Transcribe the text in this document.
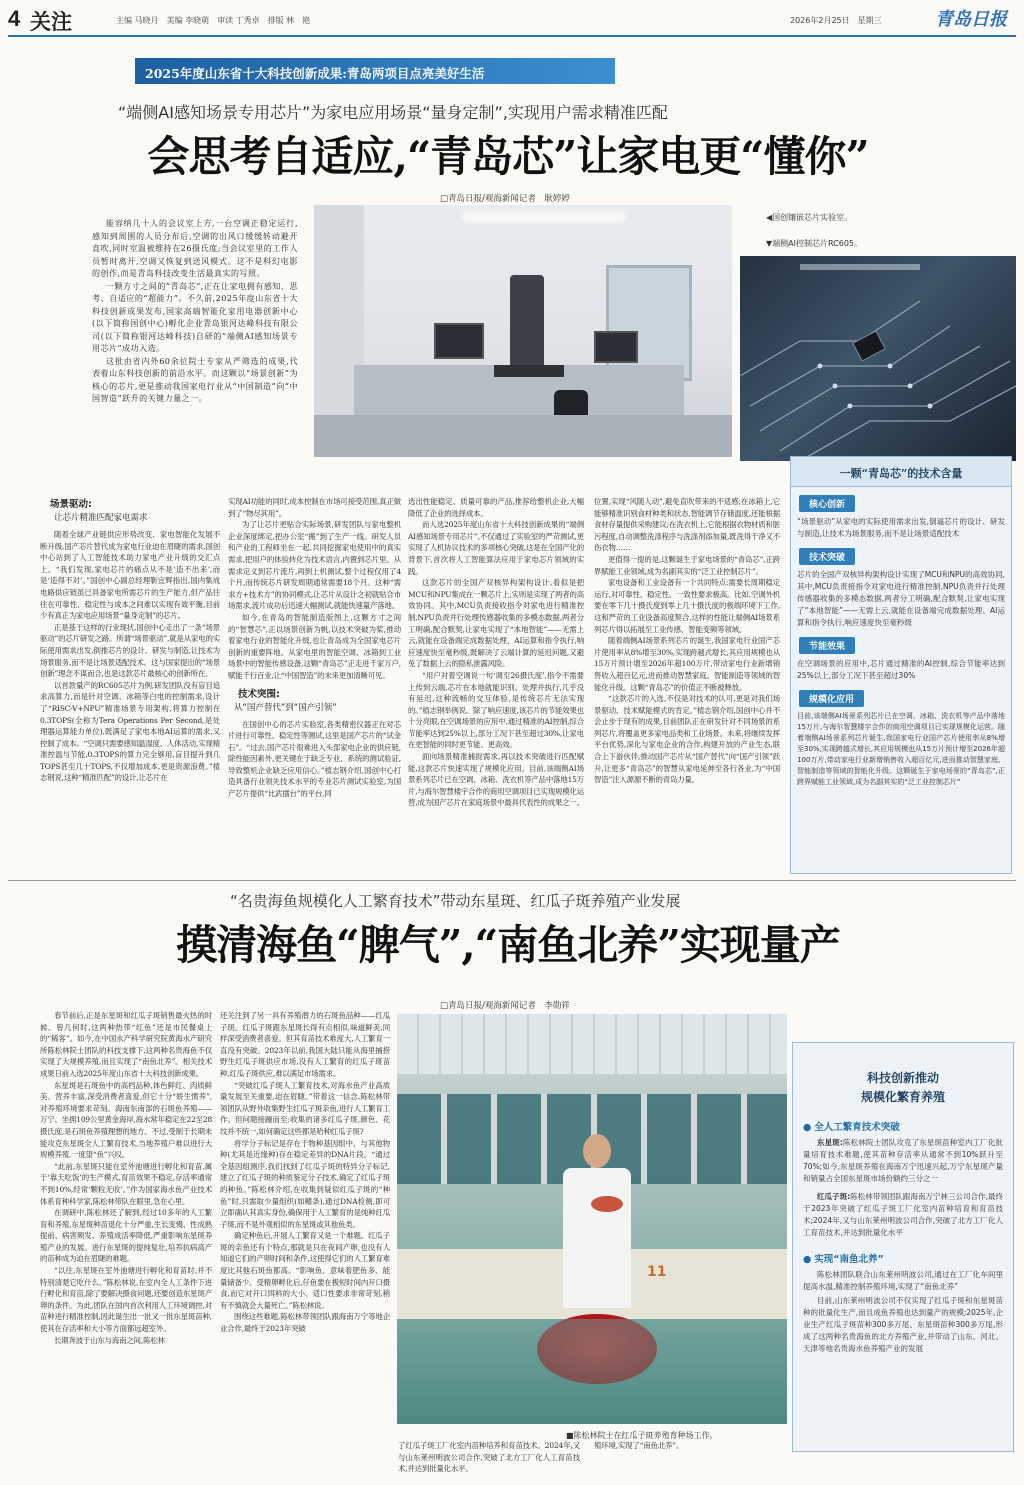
4 关注	主编 马晓月　美编 李晓萌　审读 丁秀卓　排版 林　艳	2026年2月25日　星期三	青岛日报
2025年度山东省十大科技创新成果:青岛两项目点亮美好生活
“端侧AI感知场景专用芯片”为家电应用场景“量身定制”,实现用户需求精准匹配
会思考自适应,“青岛芯”让家电更“懂你”
□青岛日报/观海新闻记者　耿婷婷

能容纳几十人的会议室上方,一台空调正稳定运行,感知到周围的人员分布后,空调的出风口缓缓转动避开直吹,同时室温被维持在26摄氏度;当会议室里的工作人员暂时离开,空调又恢复到送风模式。这不是科幻电影的创作,而是青岛科技改变生活最真实的写照。

一颗方寸之间的“青岛芯”,正在让家电拥有感知、思考、自适应的“超能力”。不久前,2025年度山东省十大科技创新成果发布,国家高端智能化家用电器创新中心(以下简称国创中心)孵化企业青岛银河达峰科技有限公司(以下简称银河达峰科技)自研的“端侧AI感知场景专用芯片”成功入选。

这批由省内外60余位院士专家从严筛选的成果,代表着山东科技创新的前沿水平。而这颗以“场景创新”为核心的芯片,更是推动我国家电行业从“中国制造”向“中国智造”跃升的关键力量之一。

◀国创镶嵌芯片实验室。
▼端侧AI控制芯片RC605。
一颗“青岛芯”的技术含量
核心创新

“场景驱动”从家电的实际使用需求出发,倒逼芯片的设计、研发与制造,让技术为场景服务,而不是让场景适配技术

技术突破

芯片的全国产双核异构架构设计实现了MCU和NPU的高效协同,其中,MCU负责接指令对家电进行精准控制,NPU负责并行处理传感器收集的多模态数据,两者分工明确,配合默契,让家电实现了“本地智能”——无需上云,就能在设备端完成数据处理、AI运算和指令执行,响应速度快至毫秒级

节能效果

在空调场景的应用中,芯片通过精准的AI控制,综合节能率达到25%以上,部分工况下甚至超过30%

规模化应用

目前,该端侧AI场景系列芯片已在空调、冰箱、洗衣机等产品中落地15万片,与海尔智慧楼宇合作的商用空调项目已实现规模化运营。随着端侧AI场景系列芯片诞生,我国家电行业国产芯片使用率从8%增至30%,实现跨越式增长,其应用规模也从15万片预计增至2026年超100万片,带动家电行业新增销售收入超百亿元,进而推动智慧家庭、智能制造等领域的智能化升级。这颗诞生于家电场景的“青岛芯”,正跨界赋能工业领域,成为名副其实的“泛工业控制芯片”

场景驱动:
让芯片精准匹配家电需求

随着全球产业链供应形势改变、家电智能化发展不断升级,国产芯片替代成为家电行业迫在眉睫的需求,国创中心站到了人工智能技术助力家电产业升级的交汇点上。“我们发现,家电芯片的痛点从不是‘造不出来’,而是‘造得不对’。”国创中心副总经理靳宜辉指出,国内集成电路供应链虽已具备家电所需芯片的生产能力,但产品往往在可靠性、稳定性与成本之间难以实现有效平衡,目前少有真正为家电应用场景“量身定制”的芯片。

正是基于这样的行业现状,国创中心走出了一条“场景驱动”的芯片研发之路。所谓“场景驱动”,就是从家电的实际使用需求出发,倒推芯片的设计、研发与制造,让技术为场景服务,而不是让场景适配技术。这与国家提出的“场景创新”理念不谋而合,也是这款芯片最核心的创新所在。

以首款量产的RC605芯片为例,研发团队没有盲目追求高算力,而是针对空调、冰箱等白电的控制需求,设计了“RISC-V+NPU”精准场景专用架构,将算力控制在0.3TOPS(全称为Tera Operations Per Second,是处理器运算能力单位),既满足了家电本地AI运算的需求,又控制了成本。“空调只需要感知温湿度、人体活动,实现精准控温与节能,0.3TOPS的算力完全够用,盲目提升到几TOPS甚至几十TOPS,不仅增加成本,更是资源浪费。”植志钢说,这种“精准匹配”的设计,让芯片在

实现AI功能的同时,成本控制在市场可接受范围,真正做到了“物尽其用”。

为了让芯片更贴合实际场景,研发团队与家电整机企业深度绑定,把办公室“搬”到了生产一线。研发人员和产业的工程师坐在一起,共同挖掘家电使用中的真实需求,把用户的体验转化为技术语言,内置到芯片里。从需求定义到芯片流片,再到上机测试,整个过程仅用了4个月,而传统芯片研发周期通常需要18个月。这种“需求方+技术方”的协同模式,让芯片从设计之初就贴合市场需求,流片成功后迅速大幅测试,就能快速量产落地。

如今,在青岛的智能制造版图上,这颗方寸之间的“智慧芯”,正以场景创新为帆,以技术突破为桨,推动着家电行业的智能化升级,也让青岛成为全国家电芯片创新的重要阵地。从家电里的智能空调、冰箱到工业场景中的智能传感设备,这颗“青岛芯”正走进千家万户,赋能千行百业,让“中国智造”的未来更加清晰可见。

技术突围:
从“国产替代”到“国产引领”

在国创中心的芯片实验室,各类精密仪器正在对芯片进行可靠性、稳定性等测试,这里是国产芯片的“试金石”。“过去,国产芯片很难进入头部家电企业的供应链,除性能因素外,更关键在于缺乏专业、系统的测试验证,导致整机企业缺乏应用信心。”植志钢介绍,国创中心打造具备行业领先技术水平的专业芯片测试实验室,为国产芯片提供“比武擂台”的平台,同

选出性能稳定、质量可靠的产品,推荐给整机企业,大幅降低了企业的选择成本。

而人选2025年度山东省十大科技创新成果的“端侧AI感知场景专用芯片”,不仅通过了实验室的严苛测试,更实现了人机协议技术的多项核心突破,这是在全国产化的背景下,首次将人工智能算法应用于家电芯片领域的实践。

这款芯片的全国产双核异构架构设计,看似是把MCU和NPU集成在一颗芯片上,实则是实现了两者的高效协同。其中,MCU负责接收指令对家电进行精准控制,NPU负责并行处理传感器收集的多模态数据,两者分工明确,配合默契,让家电实现了“本地智能”——无需上云,就能在设备端完成数据处理、AI运算和指令执行,响应速度快至毫秒级,既解决了云端计算的延迟问题,又避免了数据上云的隐私泄露风险。

“用户对着空调说一句‘调至26摄氏度’,指令不需要上传到云端,芯片在本地就能识别、处理并执行,几乎没有延迟,这种流畅的交互体验,是传统芯片无法实现的。”植志钢举例说。除了响应速度,该芯片的节能效果也十分亮眼,在空调场景的应用中,通过精准的AI控制,综合节能率达到25%以上,部分工况下甚至超过30%,让家电在更智能的同时更节能、更高效。

面向场景精准捕捉需求,再以技术突破进行匹配赋能,这款芯片快速实现了规模化应用。目前,该端侧AI场景系列芯片已在空调、冰箱、洗衣机等产品中落地15万片,与海尔智慧楼宇合作的商用空调项目已实现规模化运营,成为国产芯片在家庭场景中最具代表性的成果之一。

位置,实现“风随人动”,避免直吹带来的不适感;在冰箱上,它能够精准识别食材种类和状态,智能调节存储温度,还能根据食材存量提供采购建议;在洗衣机上,它能根据衣物材质和脏污程度,自动调整洗涤程序与洗涤剂添加量,既洗得干净又不伤衣物……

更值得一提的是,这颗诞生于家电场景的“青岛芯”,正跨界赋能工业领域,成为名副其实的“泛工业控制芯片”。

家电设备和工业设备有一个共同特点:需要长周期稳定运行,对可靠性、稳定性、一致性要求极高。比如,空调外机要在零下几十摄氏度到零上几十摄氏度的极端环境下工作,这和严苛的工业设备高度契合,这样的性能让端侧AI场景系列芯片得以拓展至工业传感、智能变频等领域。

随着端侧AI场景系列芯片的诞生,我国家电行业国产芯片使用率从8%增至30%,实现跨越式增长,其应用规模也从15万片预计增至2026年超100万片,带动家电行业新增销售收入超百亿元,进而推动智慧家庭、智能制造等领域的智能化升级。这颗“青岛芯”的价值正不断被释放。

“这款芯片的入选,不仅是对技术的认可,更是对我们场景驱动、技术赋能模式的肯定。”植志钢介绍,国创中心并不会止步于现有的成果,目前团队正在研发针对不同场景的系列芯片,将覆盖更多家电品类和工业场景。未来,将继续发挥平台优势,深化与家电企业的合作,构建开放的产业生态,联合上下游伙伴,推动国产芯片从“国产替代”向“国产引领”跃升,让更多“青岛芯”的智慧从家电延伸至各行各业,为“中国智造”注入源源不断的青岛力量。

“名贵海鱼规模化人工繁育技术”带动东星斑、红瓜子斑养殖产业发展
摸清海鱼“脾气”,“南鱼北养”实现量产
□青岛日报/观海新闻记者　李勋祥
11
■陈松林院士在红瓜子斑养殖育种场工作。

春节前后,正是东星斑和红瓜子斑销售最火热的时候。曾几何时,这两种热带“红鱼”还是市民餐桌上的“稀客”。如今,在中国水产科学研究院黄海水产研究所陈松林院士团队的科技支撑下,这两种名贵海鱼不仅实现了大规模养殖,而且实现了“南鱼北养”。相关技术成果日前入选2025年度山东省十大科技创新成果。

东星斑是石斑鱼中的高档品种,体色鲜红、肉质鲜美、营养丰富,深受消费者喜爱,但它十分“娇生惯养”,对养殖环境要求苛刻。海南东南部的石斑鱼养殖——万宁、坐拥109公里黄金海岸,海水常年稳定在22至28摄氏度,是石斑鱼养殖理想的地方。不过,受制于长期未能攻克东星斑全人工繁育技术,当地养殖户难以进行大规模养殖,一度望“鱼”兴叹。

“此前,东星斑只能在室外池塘进行孵化和育苗,属于‘靠天吃饭’的生产模式,育苗效果不稳定,存活率通常不到10%,经常‘颗粒无收’。”作为国家海水鱼产业技术体系育种科学家,陈松林带队在眼里,急在心里。

在调研中,陈松林还了解到,经过10多年的人工繁育和养殖,东星斑种苗退化十分严重,生长变慢、性成熟提前、病害频发、养殖成活率降低,严重影响东星斑养殖产业的发展。进行东星斑的提纯复壮,培养抗病高产的苗种成为迫在眉睫的难题。

“以往,东星斑在室外池塘进行孵化和育苗时,并不特别清楚它吃什么。”陈松林说,在室内全人工条件下进行孵化和育苗,除了要解决摄食问题,还要创造东星斑产卵的条件。为此,团队在国内首次利用人工环境调控,对苗种进行精准控制,因此诞生出一批又一批东星斑苗种,使其在存活率和大小等方面都远超室外。

长期奔波于山东与海南之间,陈松林

还关注到了另一具有养殖潜力的石斑鱼品种——红瓜子斑。红瓜子斑跟东星斑长得有点相似,味道鲜美,同样深受消费者喜爱。但其育苗技术难度大,人工繁育一直没有突破。2023年以前,我国大陆只能从海里捕捞野生红瓜子斑供应市场,没有人工繁育的红瓜子斑苗种,红瓜子斑供应,难以满足市场需求。

“突破红瓜子斑人工繁育技术,对海水鱼产业高质量发展至关重要,迫在眉睫。”带着这一信念,陈松林带领团队从野外收集野生红瓜子斑亲鱼,进行人工繁育工作。但问题接踵而至:收集的诸多红瓜子斑,颜色、花纹并不统一,如何确定这些都是哈种红瓜子斑?

将学分子标记是存在于物种基因组中、与其他物种(尤其是近缘种)存在稳定差异的DNA片段。“通过全基因组测序,我们找到了红瓜子斑的特异分子标记,建立了红瓜子斑的种质鉴定分子技术,确定了红瓜子斑的种鱼。”陈松林介绍,在收集到疑似红瓜子斑的“种鱼”时,只需取少量组织(如鳍条),通过DNA检测,即可立即确认其真实身份,确保用于人工繁育的是纯种红瓜子斑,而不是外观相似的东星斑或其他鱼类。

确定种鱼后,开展人工繁育又是一个难题。红瓜子斑的亲鱼还有个特点,那就是只在夜间产卵,也没有人知道它们的产卵时间和条件,这使得它们的人工繁育难度比其他石斑鱼都高。“影响鱼、意味着肥鱼多、能量储备少。受精卵孵化后,仔鱼要在极短时间内开口摄食,而它对开口饵料的大小、适口性要求非常苛刻,稍有不慎就会大量死亡。”陈松林说。

围绕这些难题,陈松林带领团队跟海南万宁等地企业合作,最终于2023年突破

了红瓜子斑工厂化室内苗种培养和育苗技术。2024年,又与山东莱州明波公司合作,突破了北方工厂化人工育苗技术,并达到批量化水平。

殖环境,实现了“南鱼北养”。

科技创新推动
规模化繁育养殖
● 全人工繁育技术突破

东星斑:陈松林院士团队攻克了东星斑苗种室内工厂化批量培育技术难题,使其苗种存活率从通常不到10%跃升至70%;如今,东星斑养殖在海南万宁迅速兴起,万宁东星斑产量和销量占全国东星斑市场份额约三分之一

红瓜子斑:陈松林带领团队跟海南万宁林三公司合作,最终于2023年突破了红瓜子斑工厂化室内苗种培育和育苗技术;2024年,又与山东莱州明波公司合作,突破了北方工厂化人工育苗技术,并达到批量化水平

● 实现“南鱼北养”

陈松林团队联合山东莱州明波公司,通过在工厂化车间里提高水温,精准控制养殖环境,实现了“南鱼北养”

目前,山东莱州明波公司不仅实现了红瓜子斑和东星斑苗种的批量化生产,而且成鱼养殖也达到量产的规模;2025年,企业生产红瓜子斑苗种300多万尾、东星斑苗种300多万尾,形成了这两种名贵海鱼的北方养殖产业,并带动了山东、河北、天津等地名贵海水鱼养殖产业的发展
